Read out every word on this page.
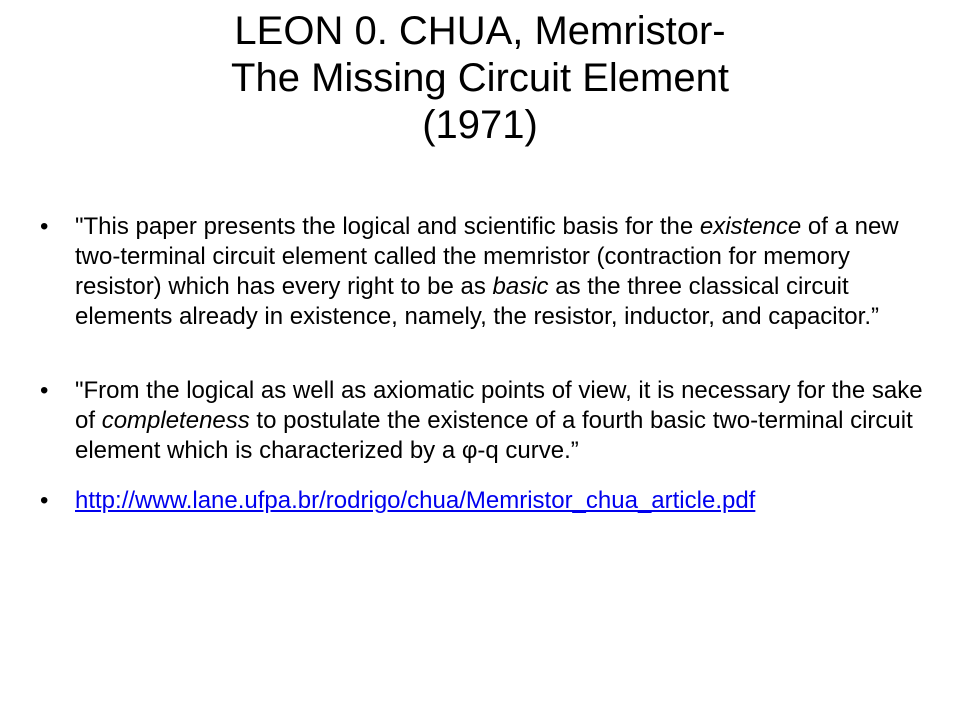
LEON 0. CHUA, Memristor-
The Missing Circuit Element
(1971)
•	"This paper presents the logical and scientific basis for the existence of a new two-terminal circuit element called the memristor (contraction for memory resistor) which has every right to be as basic as the three classical circuit elements already in existence, namely, the resistor, inductor, and capacitor.”
•	"From the logical as well as axiomatic points of view, it is necessary for the sake of completeness to postulate the existence of a fourth basic two-terminal circuit element which is characterized by a φ-q curve.”
•	http://www.lane.ufpa.br/rodrigo/chua/Memristor_chua_article.pdf
